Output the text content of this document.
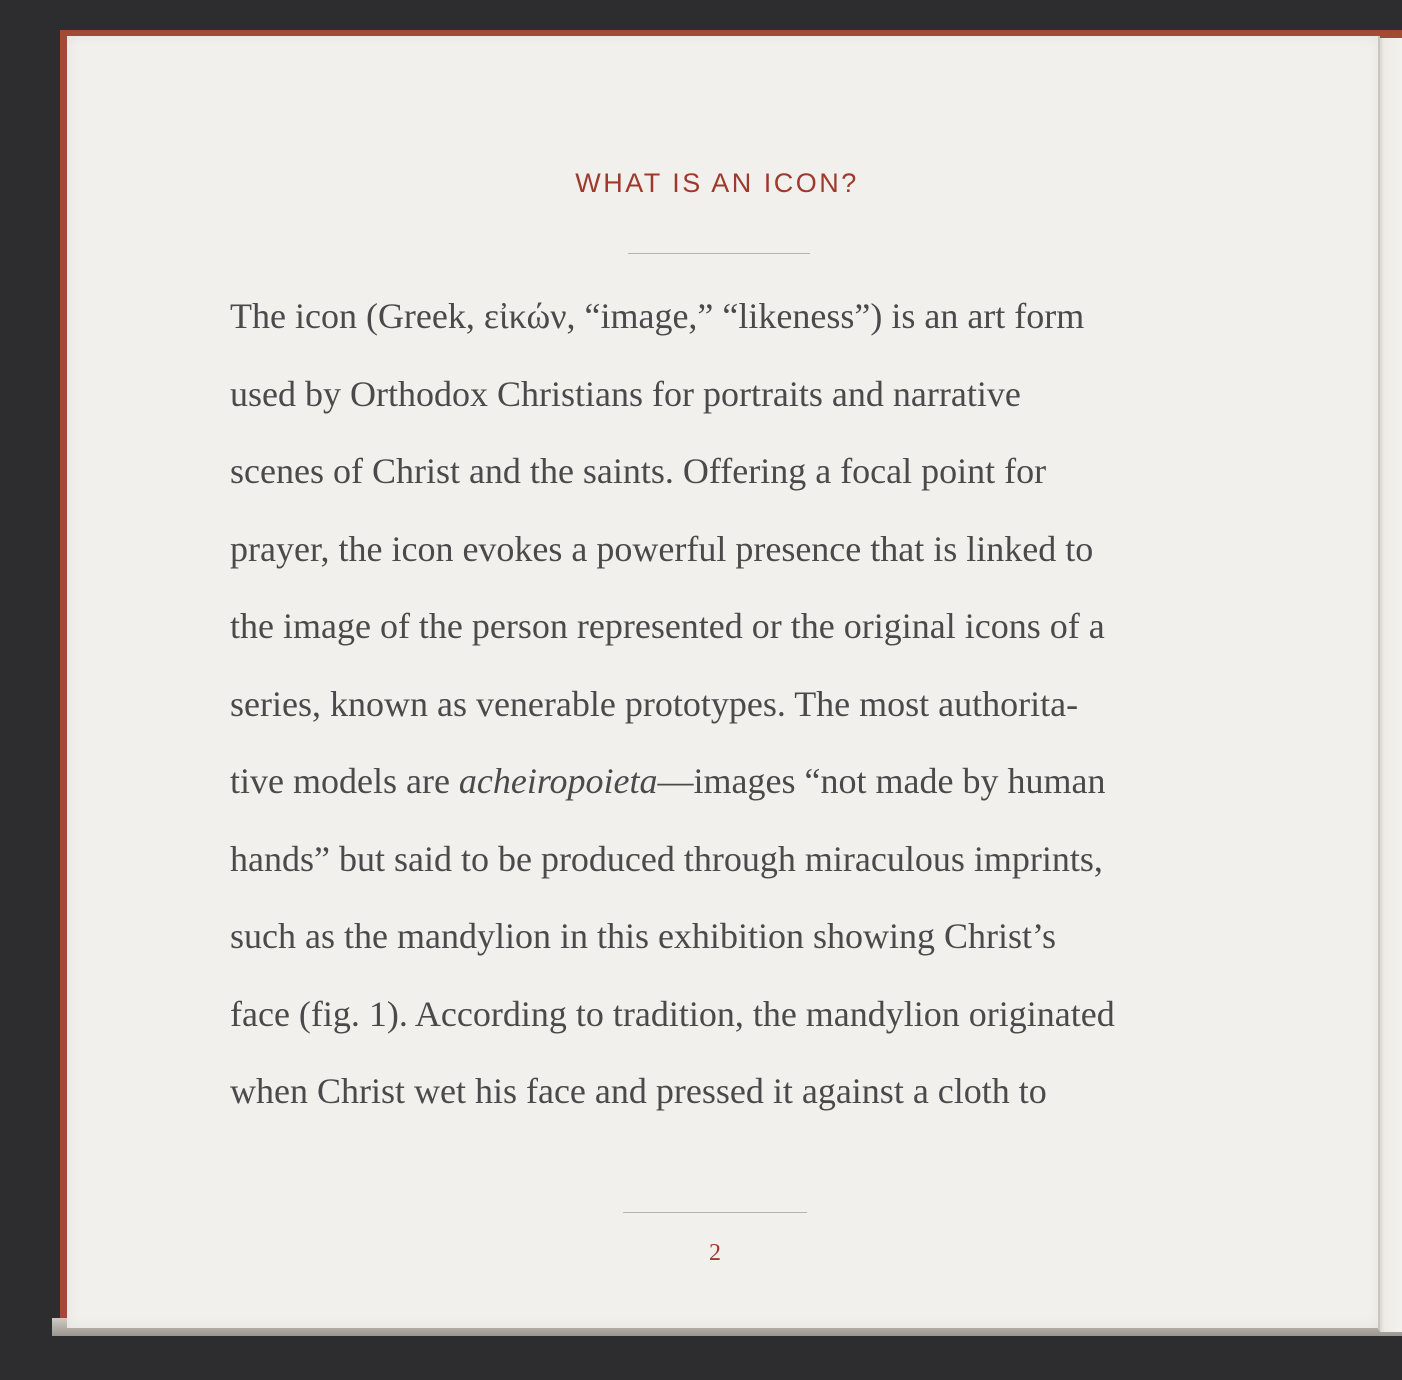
WHAT IS AN ICON?
The icon (Greek, εἰκών, “image,” “likeness”) is an art form
used by Orthodox Christians for portraits and narrative
scenes of Christ and the saints. Offering a focal point for
prayer, the icon evokes a powerful presence that is linked to
the image of the person represented or the original icons of a
series, known as venerable prototypes. The most authorita-
tive models are acheiropoieta—images “not made by human
hands” but said to be produced through miraculous imprints,
such as the mandylion in this exhibition showing Christ’s
face (fig. 1). According to tradition, the mandylion originated
when Christ wet his face and pressed it against a cloth to
2
